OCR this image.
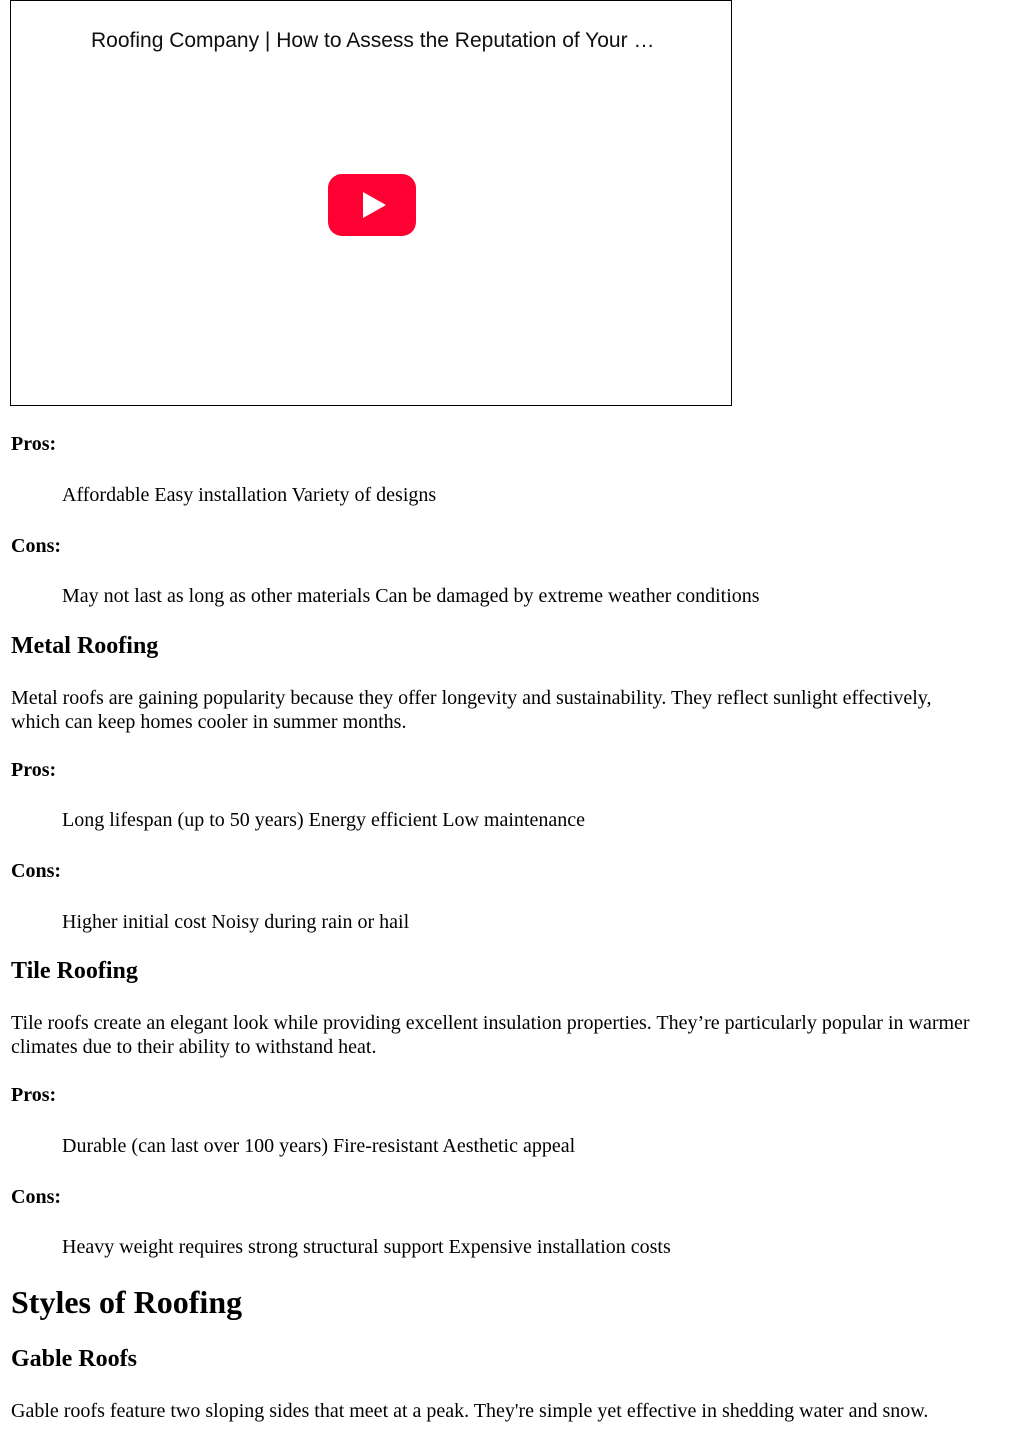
Roofing Company | How to Assess the Reputation of Your …
Pros:
Affordable Easy installation Variety of designs
Cons:
May not last as long as other materials Can be damaged by extreme weather conditions
Metal Roofing
Metal roofs are gaining popularity because they offer longevity and sustainability. They reflect sunlight effectively,
which can keep homes cooler in summer months.
Pros:
Long lifespan (up to 50 years) Energy efficient Low maintenance
Cons:
Higher initial cost Noisy during rain or hail
Tile Roofing
Tile roofs create an elegant look while providing excellent insulation properties. They’re particularly popular in warmer
climates due to their ability to withstand heat.
Pros:
Durable (can last over 100 years) Fire-resistant Aesthetic appeal
Cons:
Heavy weight requires strong structural support Expensive installation costs
Styles of Roofing
Gable Roofs
Gable roofs feature two sloping sides that meet at a peak. They're simple yet effective in shedding water and snow.
